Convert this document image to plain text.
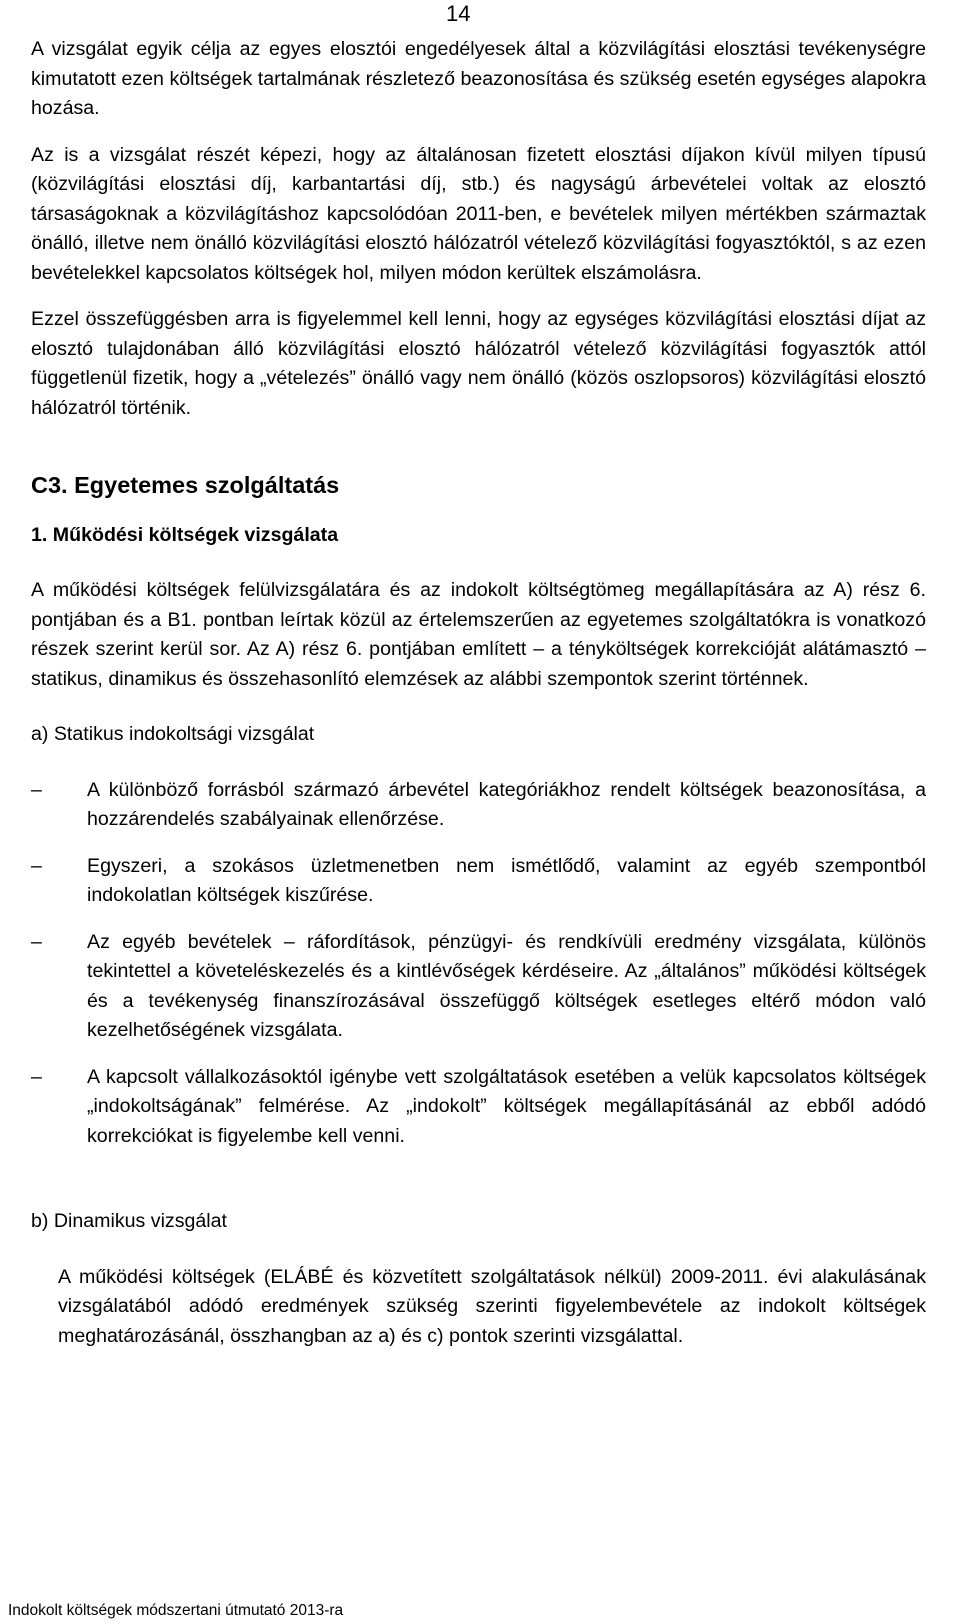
14

A vizsgálat egyik célja az egyes elosztói engedélyesek által a közvilágítási elosztási tevékenységre kimutatott ezen költségek tartalmának részletező beazonosítása és szükség esetén egységes alapokra hozása.

Az is a vizsgálat részét képezi, hogy az általánosan fizetett elosztási díjakon kívül milyen típusú (közvilágítási elosztási díj, karbantartási díj, stb.) és nagyságú árbevételei voltak az elosztó társaságoknak a közvilágításhoz kapcsolódóan 2011-ben, e bevételek milyen mértékben származtak önálló, illetve nem önálló közvilágítási elosztó hálózatról vételező közvilágítási fogyasztóktól, s az ezen bevételekkel kapcsolatos költségek hol, milyen módon kerültek elszámolásra.

Ezzel összefüggésben arra is figyelemmel kell lenni, hogy az egységes közvilágítási elosztási díjat az elosztó tulajdonában álló közvilágítási elosztó hálózatról vételező közvilágítási fogyasztók attól függetlenül fizetik, hogy a „vételezés” önálló vagy nem önálló (közös oszlopsoros) közvilágítási elosztó hálózatról történik.

C3. Egyetemes szolgáltatás
1. Működési költségek vizsgálata

A működési költségek felülvizsgálatára és az indokolt költségtömeg megállapítására az A) rész 6. pontjában és a B1. pontban leírtak közül az értelemszerűen az egyetemes szolgáltatókra is vonatkozó részek szerint kerül sor. Az A) rész 6. pontjában említett – a tényköltségek korrekcióját alátámasztó – statikus, dinamikus és összehasonlító elemzések az alábbi szempontok szerint történnek.

a) Statikus indokoltsági vizsgálat

– A különböző forrásból származó árbevétel kategóriákhoz rendelt költségek beazonosítása, a hozzárendelés szabályainak ellenőrzése.

– Egyszeri, a szokásos üzletmenetben nem ismétlődő, valamint az egyéb szempontból indokolatlan költségek kiszűrése.

– Az egyéb bevételek – ráfordítások, pénzügyi- és rendkívüli eredmény vizsgálata, különös tekintettel a követeléskezelés és a kintlévőségek kérdéseire. Az „általános” működési költségek és a tevékenység finanszírozásával összefüggő költségek esetleges eltérő módon való kezelhetőségének vizsgálata.

– A kapcsolt vállalkozásoktól igénybe vett szolgáltatások esetében a velük kapcsolatos költségek „indokoltságának” felmérése. Az „indokolt” költségek megállapításánál az ebből adódó korrekciókat is figyelembe kell venni.

b) Dinamikus vizsgálat

A működési költségek (ELÁBÉ és közvetített szolgáltatások nélkül) 2009-2011. évi alakulásának vizsgálatából adódó eredmények szükség szerinti figyelembevétele az indokolt költségek meghatározásánál, összhangban az a) és c) pontok szerinti vizsgálattal.

Indokolt költségek módszertani útmutató 2013-ra
